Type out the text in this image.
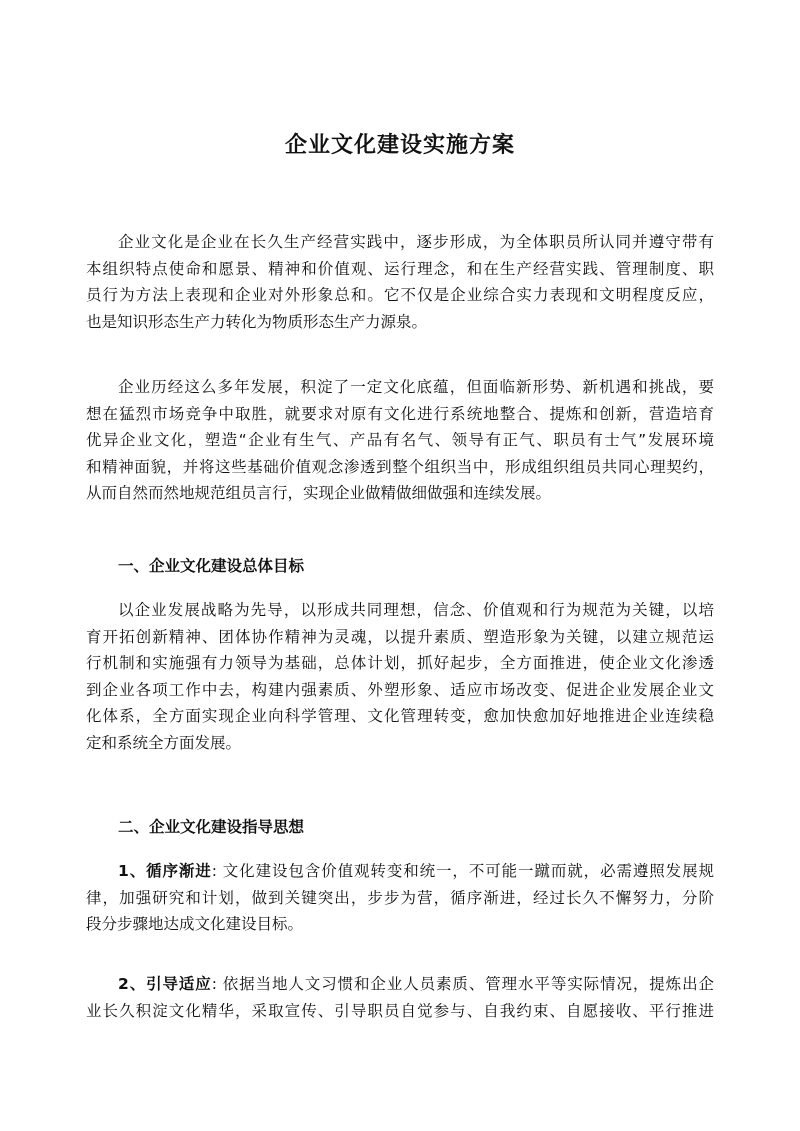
企业文化建设实施方案
企业文化是企业在长久生产经营实践中，逐步形成，为全体职员所认同并遵守带有
本组织特点使命和愿景、精神和价值观、运行理念，和在生产经营实践、管理制度、职
员行为方法上表现和企业对外形象总和。它不仅是企业综合实力表现和文明程度反应，
也是知识形态生产力转化为物质形态生产力源泉。
企业历经这么多年发展，积淀了一定文化底蕴，但面临新形势、新机遇和挑战，要
想在猛烈市场竞争中取胜，就要求对原有文化进行系统地整合、提炼和创新，营造培育
优异企业文化，塑造“企业有生气、产品有名气、领导有正气、职员有士气”发展环境
和精神面貌，并将这些基础价值观念渗透到整个组织当中，形成组织组员共同心理契约，
从而自然而然地规范组员言行，实现企业做精做细做强和连续发展。
一、企业文化建设总体目标
以企业发展战略为先导，以形成共同理想，信念、价值观和行为规范为关键，以培
育开拓创新精神、团体协作精神为灵魂，以提升素质、塑造形象为关键，以建立规范运
行机制和实施强有力领导为基础，总体计划，抓好起步，全方面推进，使企业文化渗透
到企业各项工作中去，构建内强素质、外塑形象、适应市场改变、促进企业发展企业文
化体系，全方面实现企业向科学管理、文化管理转变，愈加快愈加好地推进企业连续稳
定和系统全方面发展。
二、企业文化建设指导思想
1、循序渐进: 文化建设包含价值观转变和统一，不可能一蹴而就，必需遵照发展规
律，加强研究和计划，做到关键突出，步步为营，循序渐进，经过长久不懈努力，分阶
段分步骤地达成文化建设目标。
2、引导适应: 依据当地人文习惯和企业人员素质、管理水平等实际情况，提炼出企
业长久积淀文化精华，采取宣传、引导职员自觉参与、自我约束、自愿接收、平行推进
